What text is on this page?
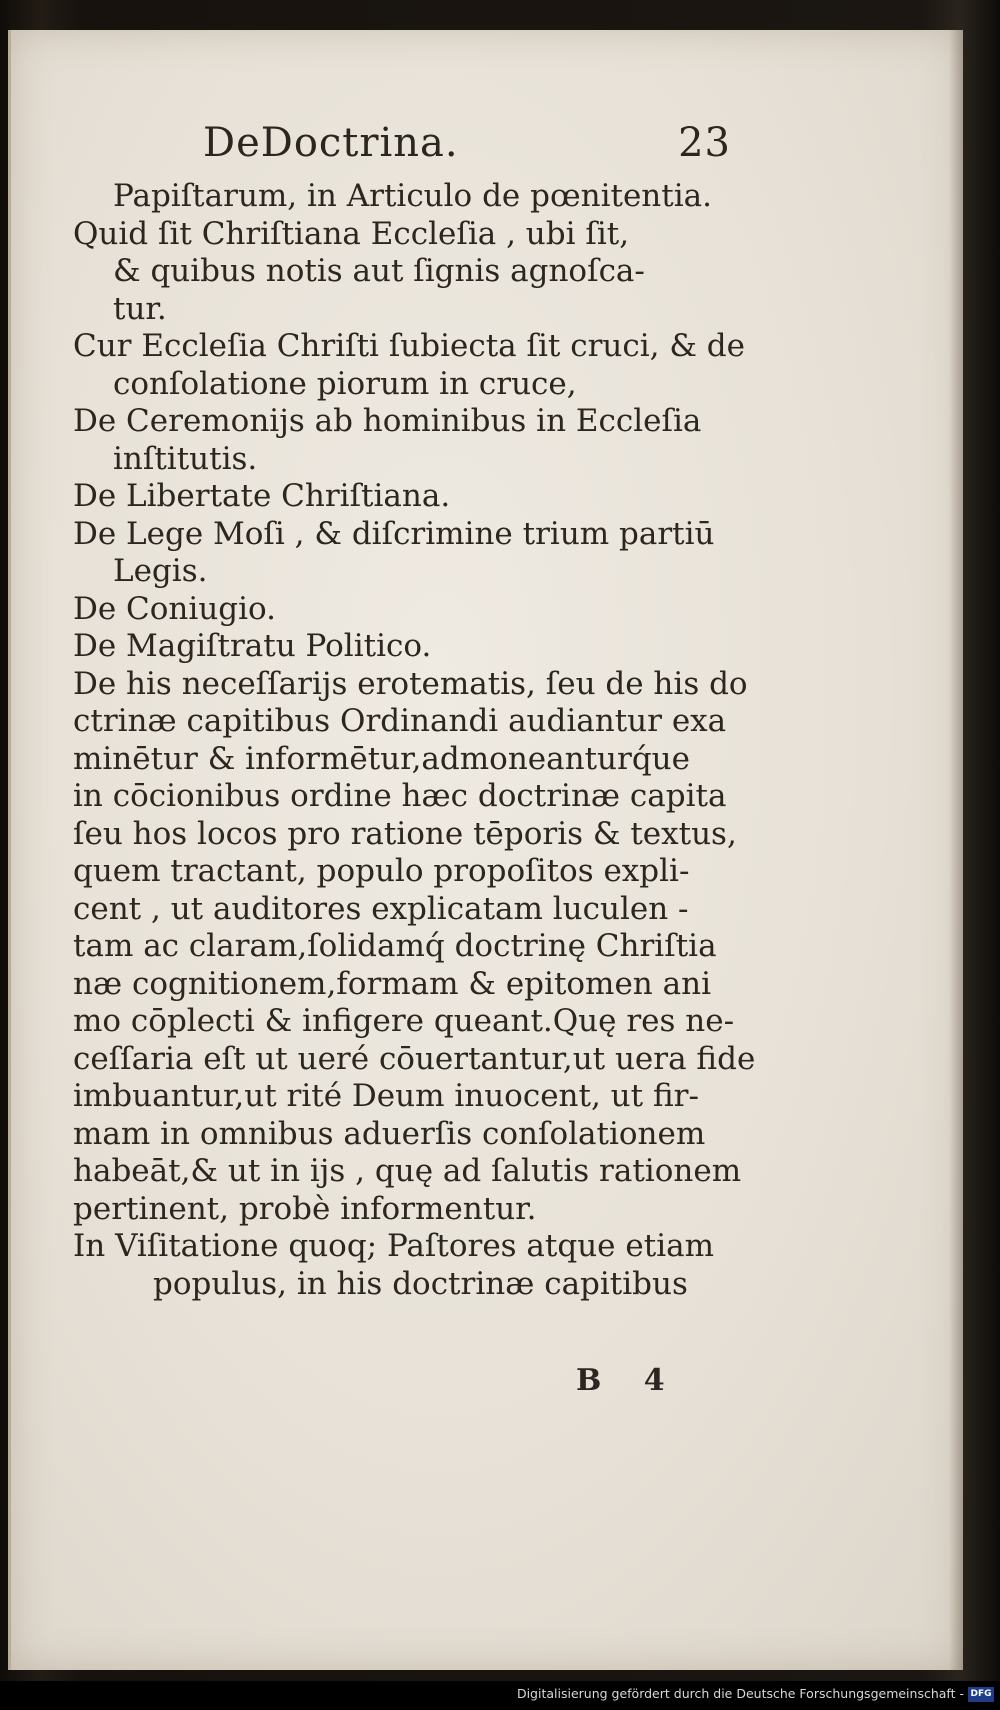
DeDoctrina.	23
Papiſtarum, in Articulo de pœnitentia.
Quid ſit Chriſtiana Eccleſia , ubi ſit,
& quibus notis aut ſignis agnoſca-
tur.
Cur Eccleſia Chriſti ſubiecta ſit cruci, & de
conſolatione piorum in cruce,
De Ceremonijs ab hominibus in Eccleſia
inſtitutis.
De Libertate Chriſtiana.
De Lege Moſi , & diſcrimine trium partiū
Legis.
De Coniugio.
De Magiſtratu Politico.
De his neceſſarijs erotematis, ſeu de his do
ctrinæ capitibus Ordinandi audiantur exa
minētur & informētur,admoneanturq́ue
in cōcionibus ordine hæc doctrinæ capita
ſeu hos locos pro ratione tēporis & textus,
quem tractant, populo propoſitos expli-
cent , ut auditores explicatam luculen -
tam ac claram,ſolidamq́ doctrinę Chriſtia
næ cognitionem,formam & epitomen ani
mo cōplecti & infigere queant.Quę res ne-
ceſſaria eſt ut ueré cōuertantur,ut uera fide
imbuantur,ut rité Deum inuocent, ut fir-
mam in omnibus aduerſis conſolationem
habeāt,& ut in ijs , quę ad ſalutis rationem
pertinent, probè informentur.
In Viſitatione quoq; Paſtores atque etiam
populus, in his doctrinæ capitibus
B 4
Digitalisierung gefördert durch die Deutsche Forschungsgemeinschaft - DFG
